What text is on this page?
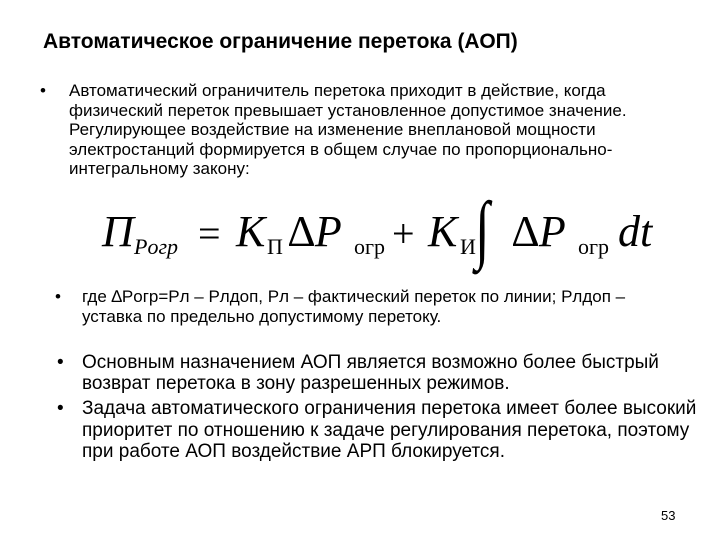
Автоматическое ограничение перетока (АОП)
• Автоматический ограничитель перетока приходит в действие, когда физический переток превышает установленное допустимое значение. Регулирующее воздействие на изменение внеплановой мощности электростанций формируется в общем случае по пропорционально-интегральному закону:
П Pогр = K П ∆P огр + K И ∫ ∆P огр dt
• где ∆Pогр=Pл – Pлдоп, Pл – фактический переток по линии; Pлдоп – уставка по предельно допустимому перетоку.
• Основным назначением АОП является возможно более быстрый возврат перетока в зону разрешенных режимов.
• Задача автоматического ограничения перетока имеет более высокий приоритет по отношению к задаче регулирования перетока, поэтому при работе АОП воздействие АРП блокируется.
53
